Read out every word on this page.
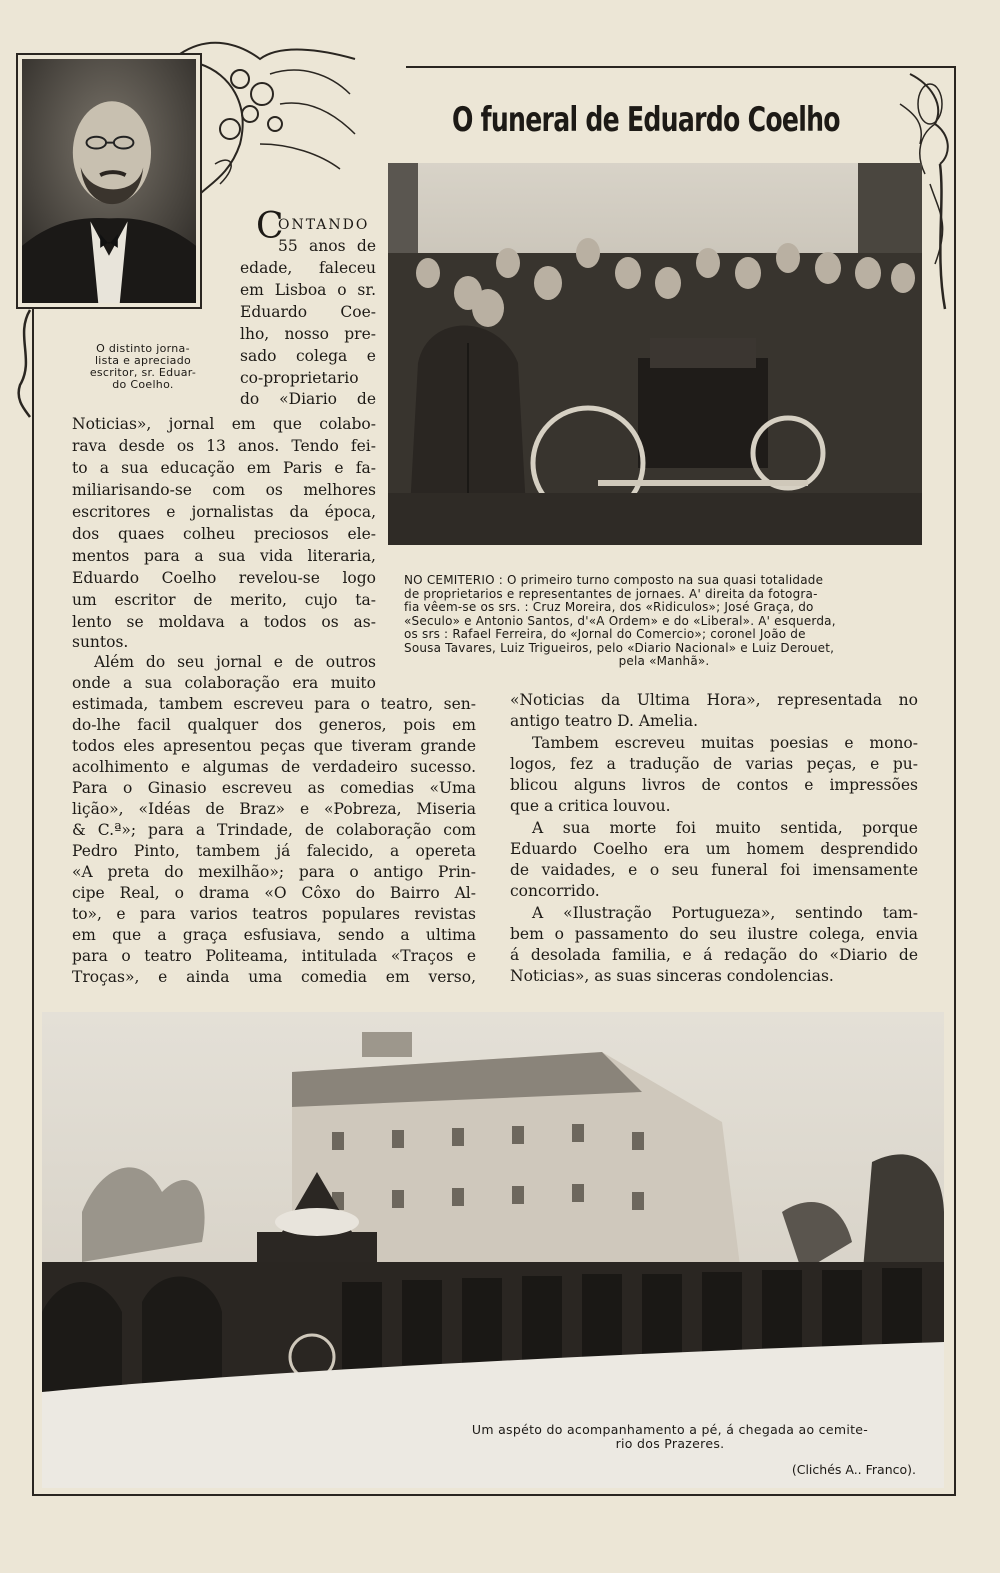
O funeral de Eduardo Coelho
O distinto jorna-
lista e apreciado
escritor, sr. Eduar-
do Coelho.
C
ONTANDO
55 anos de
edade, faleceu
em Lisboa o sr.
Eduardo Coe-
lho, nosso pre-
sado colega e
co-proprietario
do «Diario de
Noticias», jornal em que colabo-
rava desde os 13 anos. Tendo fei-
to a sua educação em Paris e fa-
miliarisando-se com os melhores
escritores e jornalistas da época,
dos quaes colheu preciosos ele-
mentos para a sua vida literaria,
Eduardo Coelho revelou-se logo
um escritor de merito, cujo ta-
lento se moldava a todos os as-
suntos.
Além do seu jornal e de outros
onde a sua colaboração era muito
NO CEMITERIO : O primeiro turno composto na sua quasi totalidade
de proprietarios e representantes de jornaes. A' direita da fotogra-
fia vêem-se os srs. : Cruz Moreira, dos «Ridiculos»; José Graça, do
«Seculo» e Antonio Santos, d'«A Ordem» e do «Liberal». A' esquerda,
os srs : Rafael Ferreira, do «Jornal do Comercio»; coronel João de
Sousa Tavares, Luiz Trigueiros, pelo «Diario Nacional» e Luiz Derouet,
pela «Manhã».
estimada, tambem escreveu para o teatro, sen-
do-lhe facil qualquer dos generos, pois em
todos eles apresentou peças que tiveram grande
acolhimento e algumas de verdadeiro sucesso.
Para o Ginasio escreveu as comedias «Uma
lição», «Idéas de Braz» e «Pobreza, Miseria
& C.ª»; para a Trindade, de colaboração com
Pedro Pinto, tambem já falecido, a opereta
«A preta do mexilhão»; para o antigo Prin-
cipe Real, o drama «O Côxo do Bairro Al-
to», e para varios teatros populares revistas
em que a graça esfusiava, sendo a ultima
para o teatro Politeama, intitulada «Traços e
Troças», e ainda uma comedia em verso,
«Noticias da Ultima Hora», representada no
antigo teatro D. Amelia.
Tambem escreveu muitas poesias e mono-
logos, fez a tradução de varias peças, e pu-
blicou alguns livros de contos e impressões
que a critica louvou.
A sua morte foi muito sentida, porque
Eduardo Coelho era um homem desprendido
de vaidades, e o seu funeral foi imensamente
concorrido.
A «Ilustração Portugueza», sentindo tam-
bem o passamento do seu ilustre colega, envia
á desolada familia, e á redação do «Diario de
Noticias», as suas sinceras condolencias.
Um aspéto do acompanhamento a pé, á chegada ao cemite-
rio dos Prazeres.
(Clichés A.. Franco).
